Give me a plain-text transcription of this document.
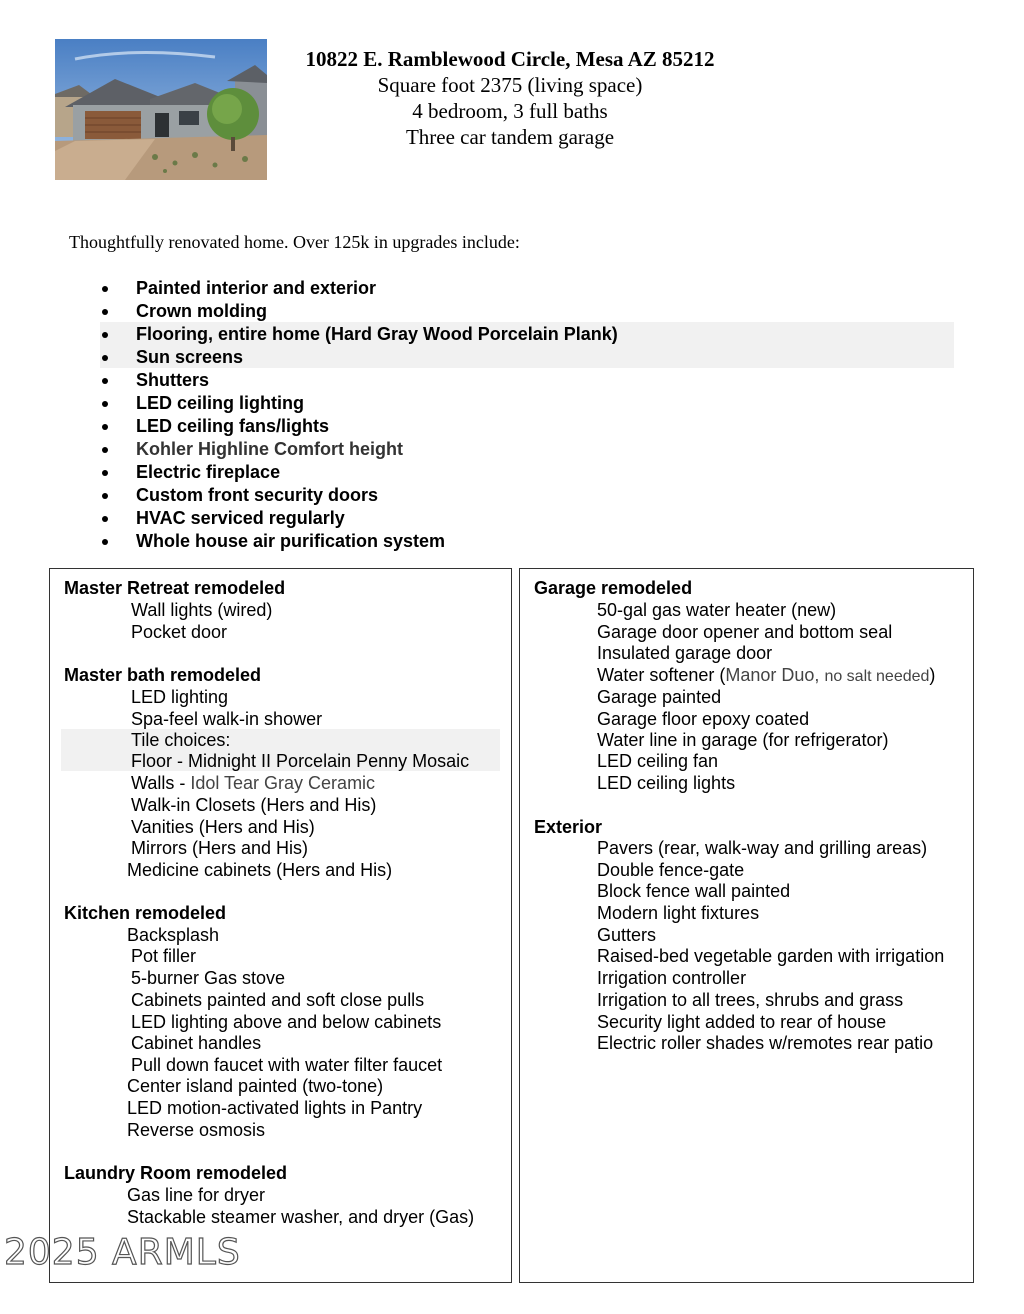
10822 E. Ramblewood Circle, Mesa AZ 85212
Square foot 2375 (living space)
4 bedroom, 3 full baths
Three car tandem garage
Thoughtfully renovated home. Over 125k in upgrades include:
Painted interior and exterior
Crown molding
Flooring, entire home (Hard Gray Wood Porcelain Plank)
Sun screens
Shutters
LED ceiling lighting
LED ceiling fans/lights
Kohler Highline Comfort height
Electric fireplace
Custom front security doors
HVAC serviced regularly
Whole house air purification system
Master Retreat remodeled
Wall lights (wired)
Pocket door
Master bath remodeled
LED lighting
Spa-feel walk-in shower
Tile choices:
Floor - Midnight II Porcelain Penny Mosaic
Walls - Idol Tear Gray Ceramic
Walk-in Closets (Hers and His)
Vanities (Hers and His)
Mirrors (Hers and His)
Medicine cabinets (Hers and His)
Kitchen remodeled
Backsplash
Pot filler
5-burner Gas stove
Cabinets painted and soft close pulls
LED lighting above and below cabinets
Cabinet handles
Pull down faucet with water filter faucet
Center island painted (two-tone)
LED motion-activated lights in Pantry
Reverse osmosis
Laundry Room remodeled
Gas line for dryer
Stackable steamer washer, and dryer (Gas)
Garage remodeled
50-gal gas water heater (new)
Garage door opener and bottom seal
Insulated garage door
Water softener (Manor Duo, no salt needed)
Garage painted
Garage floor epoxy coated
Water line in garage (for refrigerator)
LED ceiling fan
LED ceiling lights
Exterior
Pavers (rear, walk-way and grilling areas)
Double fence-gate
Block fence wall painted
Modern light fixtures
Gutters
Raised-bed vegetable garden with irrigation
Irrigation controller
Irrigation to all trees, shrubs and grass
Security light added to rear of house
Electric roller shades w/remotes rear patio
2025 ARMLS
